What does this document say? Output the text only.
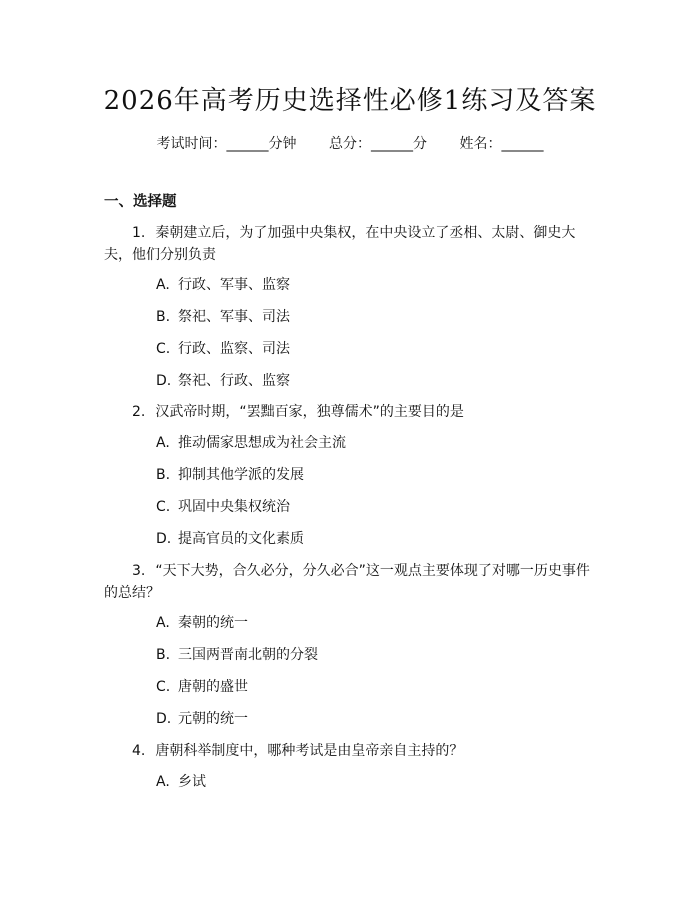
2026年高考历史选择性必修1练习及答案
考试时间：______分钟 总分：______分 姓名：______
一、选择题
1. 秦朝建立后，为了加强中央集权，在中央设立了丞相、太尉、御史大夫，他们分别负责
A. 行政、军事、监察
B. 祭祀、军事、司法
C. 行政、监察、司法
D. 祭祀、行政、监察
2. 汉武帝时期，“罢黜百家，独尊儒术”的主要目的是
A. 推动儒家思想成为社会主流
B. 抑制其他学派的发展
C. 巩固中央集权统治
D. 提高官员的文化素质
3. “天下大势，合久必分，分久必合”这一观点主要体现了对哪一历史事件的总结？
A. 秦朝的统一
B. 三国两晋南北朝的分裂
C. 唐朝的盛世
D. 元朝的统一
4. 唐朝科举制度中，哪种考试是由皇帝亲自主持的？
A. 乡试
